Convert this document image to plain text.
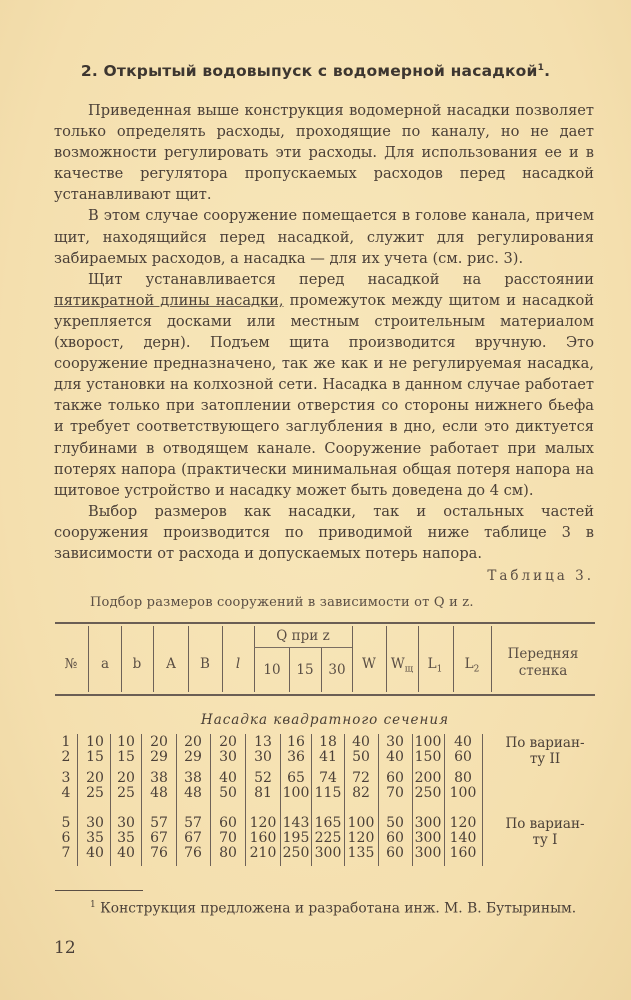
2. Открытый водовыпуск с водомерной насадкой$^1$.

Приведенная выше конструкция водомерной насадки позволяет только определять расходы, проходящие по каналу, но не дает возможности регулировать эти расходы. Для использования ее и в качестве регулятора пропускаемых расходов перед насадкой устанавливают щит.

В этом случае сооружение помещается в голове канала, причем щит, находящийся перед насадкой, служит для регулирования забираемых расходов, а насадка — для их учета (см. рис. 3).

Щит устанавливается перед насадкой на расстоянии пятикратной длины насадки, промежуток между щитом и насадкой укрепляется досками или местным строительным материалом (хворост, дерн). Подъем щита производится вручную. Это сооружение предназначено, так же как и не регулируемая насадка, для установки на колхозной сети. Насадка в данном случае работает также только при затоплении отверстия со стороны нижнего бьефа и требует соответствующего заглубления в дно, если это диктуется глубинами в отводящем канале. Сооружение работает при малых потерях напора (практически минимальная общая потеря напора на щитовое устройство и насадку может быть доведена до 4 см).

Выбор размеров как насадки, так и остальных частей сооружения производится по приводимой ниже таблице 3 в зависимости от расхода и допускаемых потерь напора.

Таблица 3.
Подбор размеров сооружений в зависимости от Q и z.
№ a b A B l
Q при z
10 15 30 W $W_щ$ $L_1$ $L_2$
Передняя
стенка
Насадка квадратного сечения
1 10 10 20 20 20 13 16 18 40 30 100 40
2 15 15 29 29 30 30 36 41 50 40 150 60
3 20 20 38 38 40 52 65 74 72 60 200 80
4 25 25 48 48 50 81 100 115 82 70 250 100
5 30 30 57 57 60 120 143 165 100 50 300 120
6 35 35 67 67 70 160 195 225 120 60 300 140
7 40 40 76 76 80 210 250 300 135 60 300 160
По вариан-
ту II
По вариан-
ту I
$^1$ Конструкция предложена и разработана инж. М. В. Бутыриным.
12
